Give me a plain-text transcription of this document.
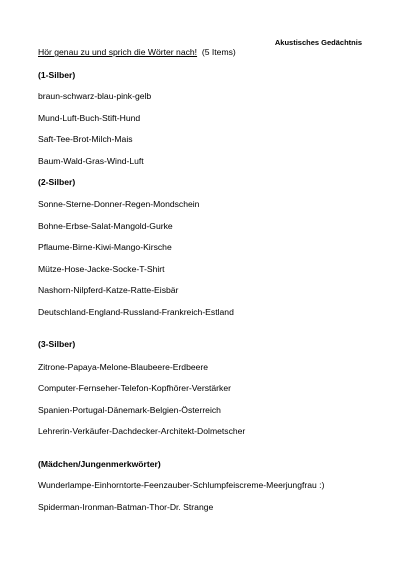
Akustisches Gedächtnis
Hör genau zu und sprich die Wörter nach! (5 Items)
(1-Silber)
braun-schwarz-blau-pink-gelb
Mund-Luft-Buch-Stift-Hund
Saft-Tee-Brot-Milch-Mais
Baum-Wald-Gras-Wind-Luft
(2-Silber)
Sonne-Sterne-Donner-Regen-Mondschein
Bohne-Erbse-Salat-Mangold-Gurke
Pflaume-Birne-Kiwi-Mango-Kirsche
Mütze-Hose-Jacke-Socke-T-Shirt
Nashorn-Nilpferd-Katze-Ratte-Eisbär
Deutschland-England-Russland-Frankreich-Estland
(3-Silber)
Zitrone-Papaya-Melone-Blaubeere-Erdbeere
Computer-Fernseher-Telefon-Kopfhörer-Verstärker
Spanien-Portugal-Dänemark-Belgien-Österreich
Lehrerin-Verkäufer-Dachdecker-Architekt-Dolmetscher
(Mädchen/Jungenmerkwörter)
Wunderlampe-Einhorntorte-Feenzauber-Schlumpfeiscreme-Meerjungfrau :)
Spiderman-Ironman-Batman-Thor-Dr. Strange
